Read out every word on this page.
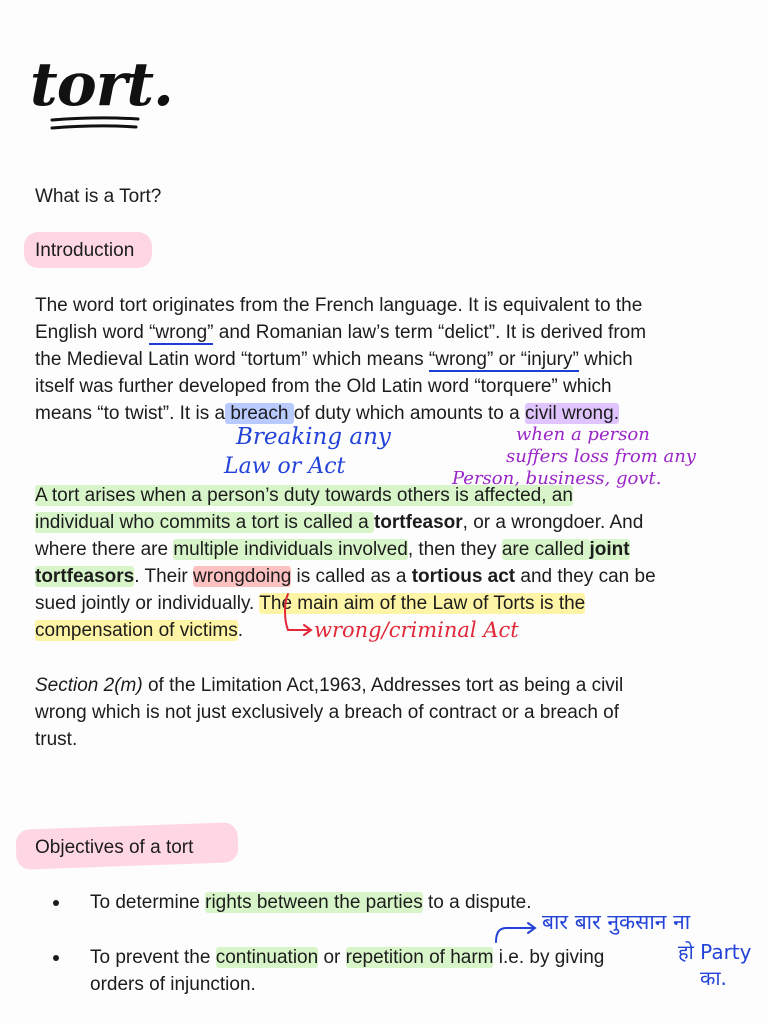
tort.
What is a Tort?
Introduction
The word tort originates from the French language. It is equivalent to the
English word “wrong” and Romanian law’s term “delict”. It is derived from
the Medieval Latin word “tortum” which means “wrong” or “injury” which
itself was further developed from the Old Latin word “torquere” which
means “to twist”. It is a breach of duty which amounts to a civil wrong.
Breaking any
Law or Act
when a person
suffers loss from any
Person, business, govt.
A tort arises when a person’s duty towards others is affected, an
individual who commits a tort is called a tortfeasor, or a wrongdoer. And
where there are multiple individuals involved, then they are called joint
tortfeasors. Their wrongdoing is called as a tortious act and they can be
sued jointly or individually. The main aim of the Law of Torts is the
compensation of victims.	wrong/criminal Act
Section 2(m) of the Limitation Act,1963, Addresses tort as being a civil
wrong which is not just exclusively a breach of contract or a breach of
trust.
Objectives of a tort
To determine rights between the parties to a dispute.
To prevent the continuation or repetition of harm i.e. by giving
orders of injunction.
बार बार नुकसान ना
हो Party
का.
